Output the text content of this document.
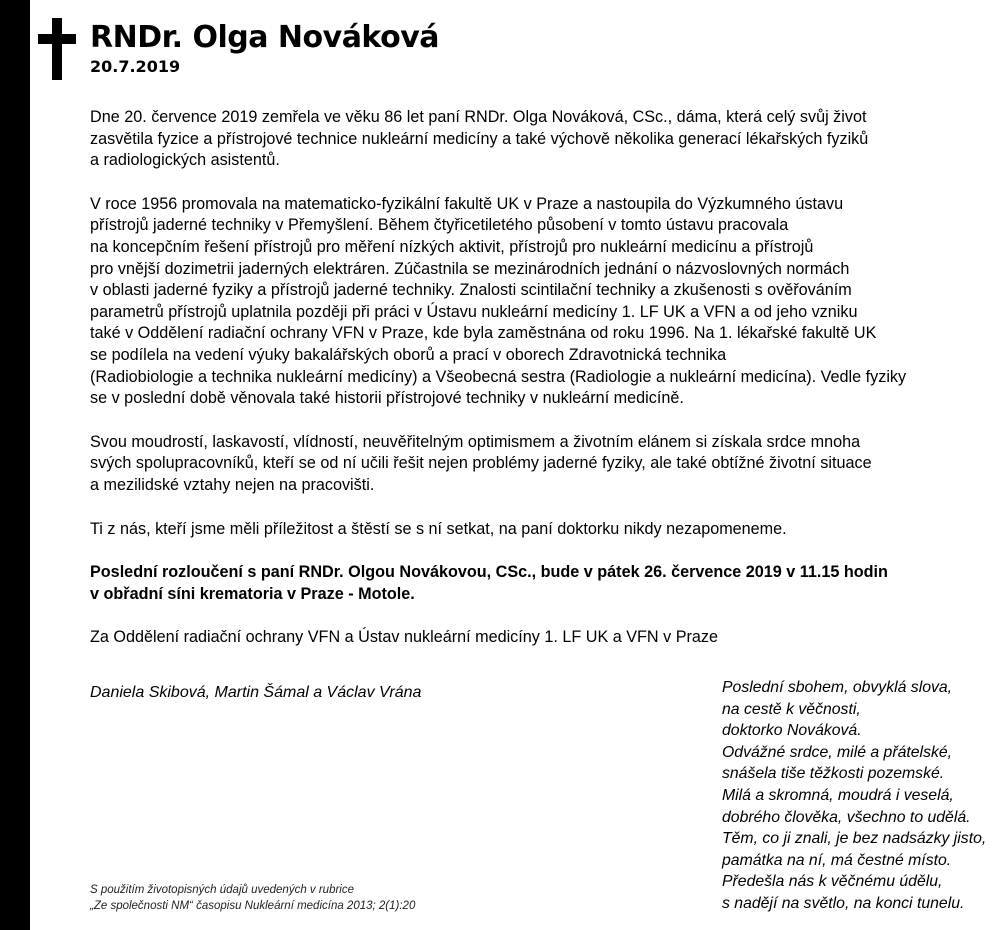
RNDr. Olga Nováková
20.7.2019

Dne 20. července 2019 zemřela ve věku 86 let paní RNDr. Olga Nováková, CSc., dáma, která celý svůj život
zasvětila fyzice a přístrojové technice nukleární medicíny a také výchově několika generací lékařských fyziků
a radiologických asistentů.

V roce 1956 promovala na matematicko-fyzikální fakultě UK v Praze a nastoupila do Výzkumného ústavu
přístrojů jaderné techniky v Přemyšlení. Během čtyřicetiletého působení v tomto ústavu pracovala
na koncepčním řešení přístrojů pro měření nízkých aktivit, přístrojů pro nukleární medicínu a přístrojů
pro vnější dozimetrii jaderných elektráren. Zúčastnila se mezinárodních jednání o názvoslovných normách
v oblasti jaderné fyziky a přístrojů jaderné techniky. Znalosti scintilační techniky a zkušenosti s ověřováním
parametrů přístrojů uplatnila později při práci v Ústavu nukleární medicíny 1. LF UK a VFN a od jeho vzniku
také v Oddělení radiační ochrany VFN v Praze, kde byla zaměstnána od roku 1996. Na 1. lékařské fakultě UK
se podílela na vedení výuky bakalářských oborů a prací v oborech Zdravotnická technika
(Radiobiologie a technika nukleární medicíny) a Všeobecná sestra (Radiologie a nukleární medicína). Vedle fyziky
se v poslední době věnovala také historii přístrojové techniky v nukleární medicíně.

Svou moudrostí, laskavostí, vlídností, neuvěřitelným optimismem a životním elánem si získala srdce mnoha
svých spolupracovníků, kteří se od ní učili řešit nejen problémy jaderné fyziky, ale také obtížné životní situace
a mezilidské vztahy nejen na pracovišti.

Ti z nás, kteří jsme měli příležitost a štěstí se s ní setkat, na paní doktorku nikdy nezapomeneme.

Poslední rozloučení s paní RNDr. Olgou Novákovou, CSc., bude v pátek 26. července 2019 v 11.15 hodin
v obřadní síni krematoria v Praze - Motole.

Za Oddělení radiační ochrany VFN a Ústav nukleární medicíny 1. LF UK a VFN v Praze

Daniela Skibová, Martin Šámal a Václav Vrána	Poslední sbohem, obvyklá slova,
na cestě k věčnosti,
doktorko Nováková.
Odvážné srdce, milé a přátelské,
snášela tiše těžkosti pozemské.
Milá a skromná, moudrá i veselá,
dobrého člověka, všechno to udělá.
Těm, co ji znali, je bez nadsázky jisto,
památka na ní, má čestné místo.
Předešla nás k věčnému údělu,
s nadějí na světlo, na konci tunelu.
S použitím životopisných údajů uvedených v rubrice
„Ze společnosti NM“ časopisu Nukleární medicína 2013; 2(1):20
